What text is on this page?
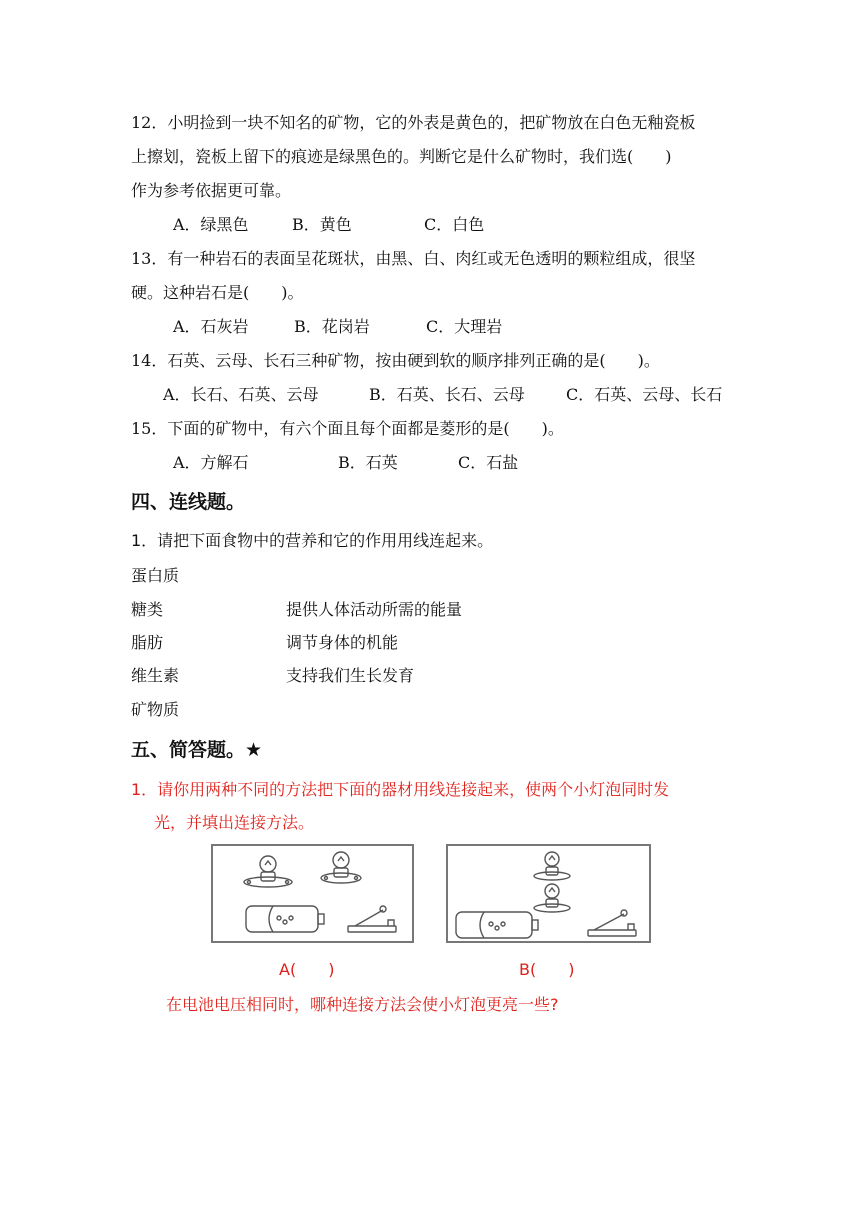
12．小明捡到一块不知名的矿物，它的外表是黄色的，把矿物放在白色无釉瓷板
上擦划，瓷板上留下的痕迹是绿黑色的。判断它是什么矿物时，我们选(　　)
作为参考依据更可靠。
A．绿黑色	B．黄色	C．白色
13．有一种岩石的表面呈花斑状，由黑、白、肉红或无色透明的颗粒组成，很坚
硬。这种岩石是(　　)。
A．石灰岩	B．花岗岩	C．大理岩
14．石英、云母、长石三种矿物，按由硬到软的顺序排列正确的是(　　)。
A．长石、石英、云母	B．石英、长石、云母	C．石英、云母、长石
15．下面的矿物中，有六个面且每个面都是菱形的是(　　)。
A．方解石	B．石英	C．石盐
四、连线题。
1．请把下面食物中的营养和它的作用用线连起来。
蛋白质
糖类
脂肪
维生素
矿物质
提供人体活动所需的能量
调节身体的机能
支持我们生长发育
五、简答题。★
1．请你用两种不同的方法把下面的器材用线连接起来，使两个小灯泡同时发
光，并填出连接方法。
A(　　)	B(　　)
在电池电压相同时，哪种连接方法会使小灯泡更亮一些?
